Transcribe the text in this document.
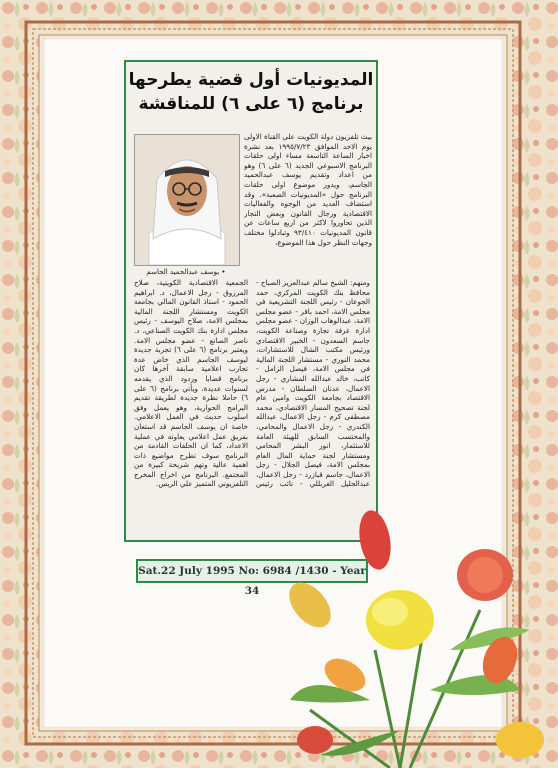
المديونيات أول قضية يطرحها
برنامج (٦ على ٦) للمناقشة
• يوسف عبدالحميد الجاسم
بيث تلفزيون دولة الكويت على القناة الاولى يوم الاحد الموافق ١٩٩٥/٧/٢٣ بعد نشرة اخبار الساعة التاسعة مساء اولى حلقات البرنامج الاسبوعي الجديد (٦ على ٦) وهو من اعداد وتقديم يوسف عبدالحميد الجاسم، ويدور موضوع اولى حلقات البرنامج حول «المديونيات الصعبة». وقد استضاف العديد من الوجوه والفعاليات الاقتصادية ورجال القانون وبعض التجار الذين تحاوروا لاكثر من اربع ساعات عن قانون المديونيات ٩٣/٤١٠ وتبادلوا مختلف وجهات النظر حول هذا الموضوع،
ومنهم: الشيخ سالم عبدالعزيز الصباح - محافظ بنك الكويت المركزي، حمد الجوعان - رئيس اللجنة التشريعية في مجلس الامة، احمد باقر - عضو مجلس الامة، عبدالوهاب الوزان - عضو مجلس ادارة غرفة تجارة وصناعة الكويت، جاسم السعدون - الخبير الاقتصادي ورئيس مكتب الشال للاستشارات، محمد النوري - مستشار اللجنة المالية في مجلس الامة، فيصل الزامل - كاتب، خالد عبدالله المشاري - رجل الاعمال، عدنان السلطان - مدرس الاقتصاد بجامعة الكويت وامين عام لجنة تصحيح المسار الاقتصادي، محمد مصطفى كرم - رجل الاعمال، عبدالله الكندري - رجل الاعمال والمحامي، والمحتسب السابق للهيئة العامة للاستثمار، انور البشر المحامي ومستشار لجنة حماية المال العام بمجلس الامة، فيصل الجلال - رجل الاعمال، جاسم قبازرد - رجل الاعمال، عبدالجليل الغربللي - نائب رئيس الجمعية الاقتصادية الكويتية، صلاح المرزوق - رجل الاعمال، د. ابراهيم الحمود - استاذ القانون المالي بجامعة الكويت ومستشار اللجنة المالية بمجلس الامة، صلاح اليوسف - رئيس مجلس ادارة بنك الكويت الصناعي، د. ناصر الصانع - عضو مجلس الامة. ويعتبر برنامج (٦ على ٦) تجربة جديدة ليوسف الجاسم الذي خاض عدة تجارب اعلامية سابقة آخرها كان برنامج قضايا وردود الذي يقدمه لسنوات عديدة، ويأتي برنامج (٦ على ٦) حاملا نظرة جديدة لطريقة تقديم البرامج الحوارية، وهو يعمل وفق اسلوب حديث في العمل الاعلامي. خاصة ان يوسف الجاسم قد استعان بفريق عمل اعلامي يعاونه في عملية الاعداد، كما ان الحلقات القادمة من البرنامج سوف تطرح مواضيع ذات اهمية عالية وتهم شريحة كبيرة من المجتمع. البرنامج من اخراج المخرج التلفزيوني المتميز علي الريس.
Sat.22 July 1995 No: 6984 /1430 - Year 34
